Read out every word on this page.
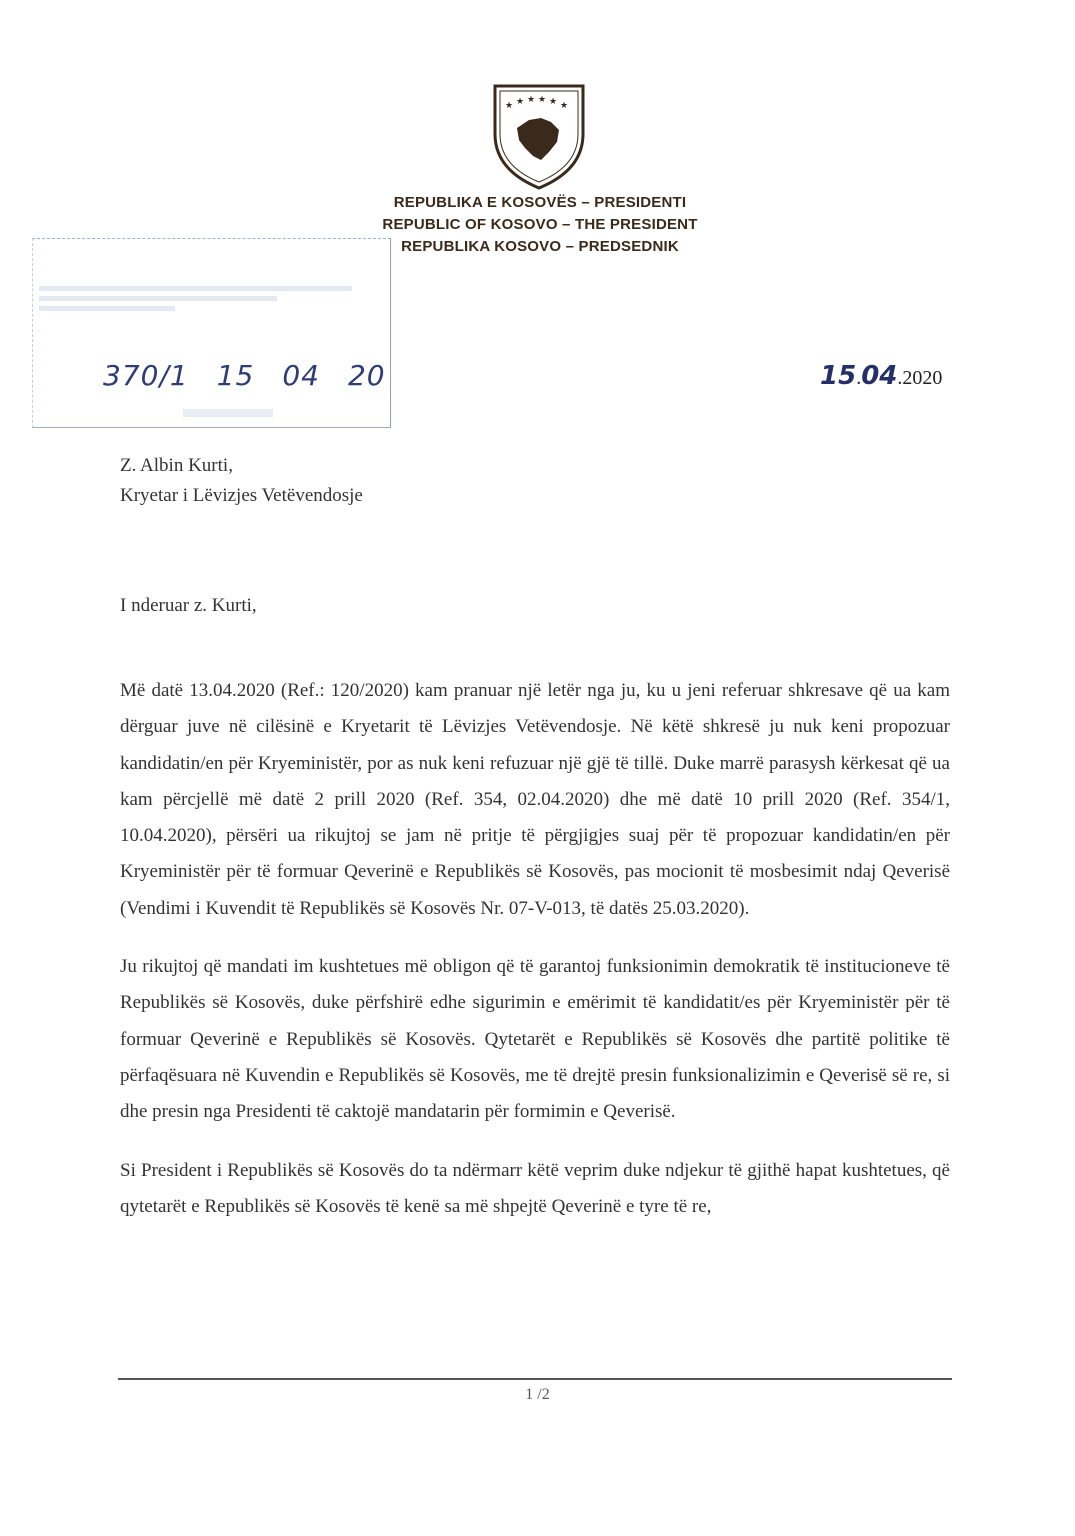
★ ★ ★ ★ ★ ★
REPUBLIKA E KOSOVËS – PRESIDENTI
REPUBLIC OF KOSOVO – THE PRESIDENT
REPUBLIKA KOSOVO – PREDSEDNIK
370/1 15 04 20	15.04.2020
Z. Albin Kurti,
Kryetar i Lëvizjes Vetëvendosje
I nderuar z. Kurti,

Më datë 13.04.2020 (Ref.: 120/2020) kam pranuar një letër nga ju, ku u jeni referuar shkresave që ua kam dërguar juve në cilësinë e Kryetarit të Lëvizjes Vetëvendosje. Në këtë shkresë ju nuk keni propozuar kandidatin/en për Kryeministër, por as nuk keni refuzuar një gjë të tillë. Duke marrë parasysh kërkesat që ua kam përcjellë më datë 2 prill 2020 (Ref. 354, 02.04.2020) dhe më datë 10 prill 2020 (Ref. 354/1, 10.04.2020), përsëri ua rikujtoj se jam në pritje të përgjigjes suaj për të propozuar kandidatin/en për Kryeministër për të formuar Qeverinë e Republikës së Kosovës, pas mocionit të mosbesimit ndaj Qeverisë (Vendimi i Kuvendit të Republikës së Kosovës Nr. 07-V-013, të datës 25.03.2020).

Ju rikujtoj që mandati im kushtetues më obligon që të garantoj funksionimin demokratik të institucioneve të Republikës së Kosovës, duke përfshirë edhe sigurimin e emërimit të kandidatit/es për Kryeministër për të formuar Qeverinë e Republikës së Kosovës. Qytetarët e Republikës së Kosovës dhe partitë politike të përfaqësuara në Kuvendin e Republikës së Kosovës, me të drejtë presin funksionalizimin e Qeverisë së re, si dhe presin nga Presidenti të caktojë mandatarin për formimin e Qeverisë.

Si President i Republikës së Kosovës do ta ndërmarr këtë veprim duke ndjekur të gjithë hapat kushtetues, që qytetarët e Republikës së Kosovës të kenë sa më shpejtë Qeverinë e tyre të re,

1 /2
